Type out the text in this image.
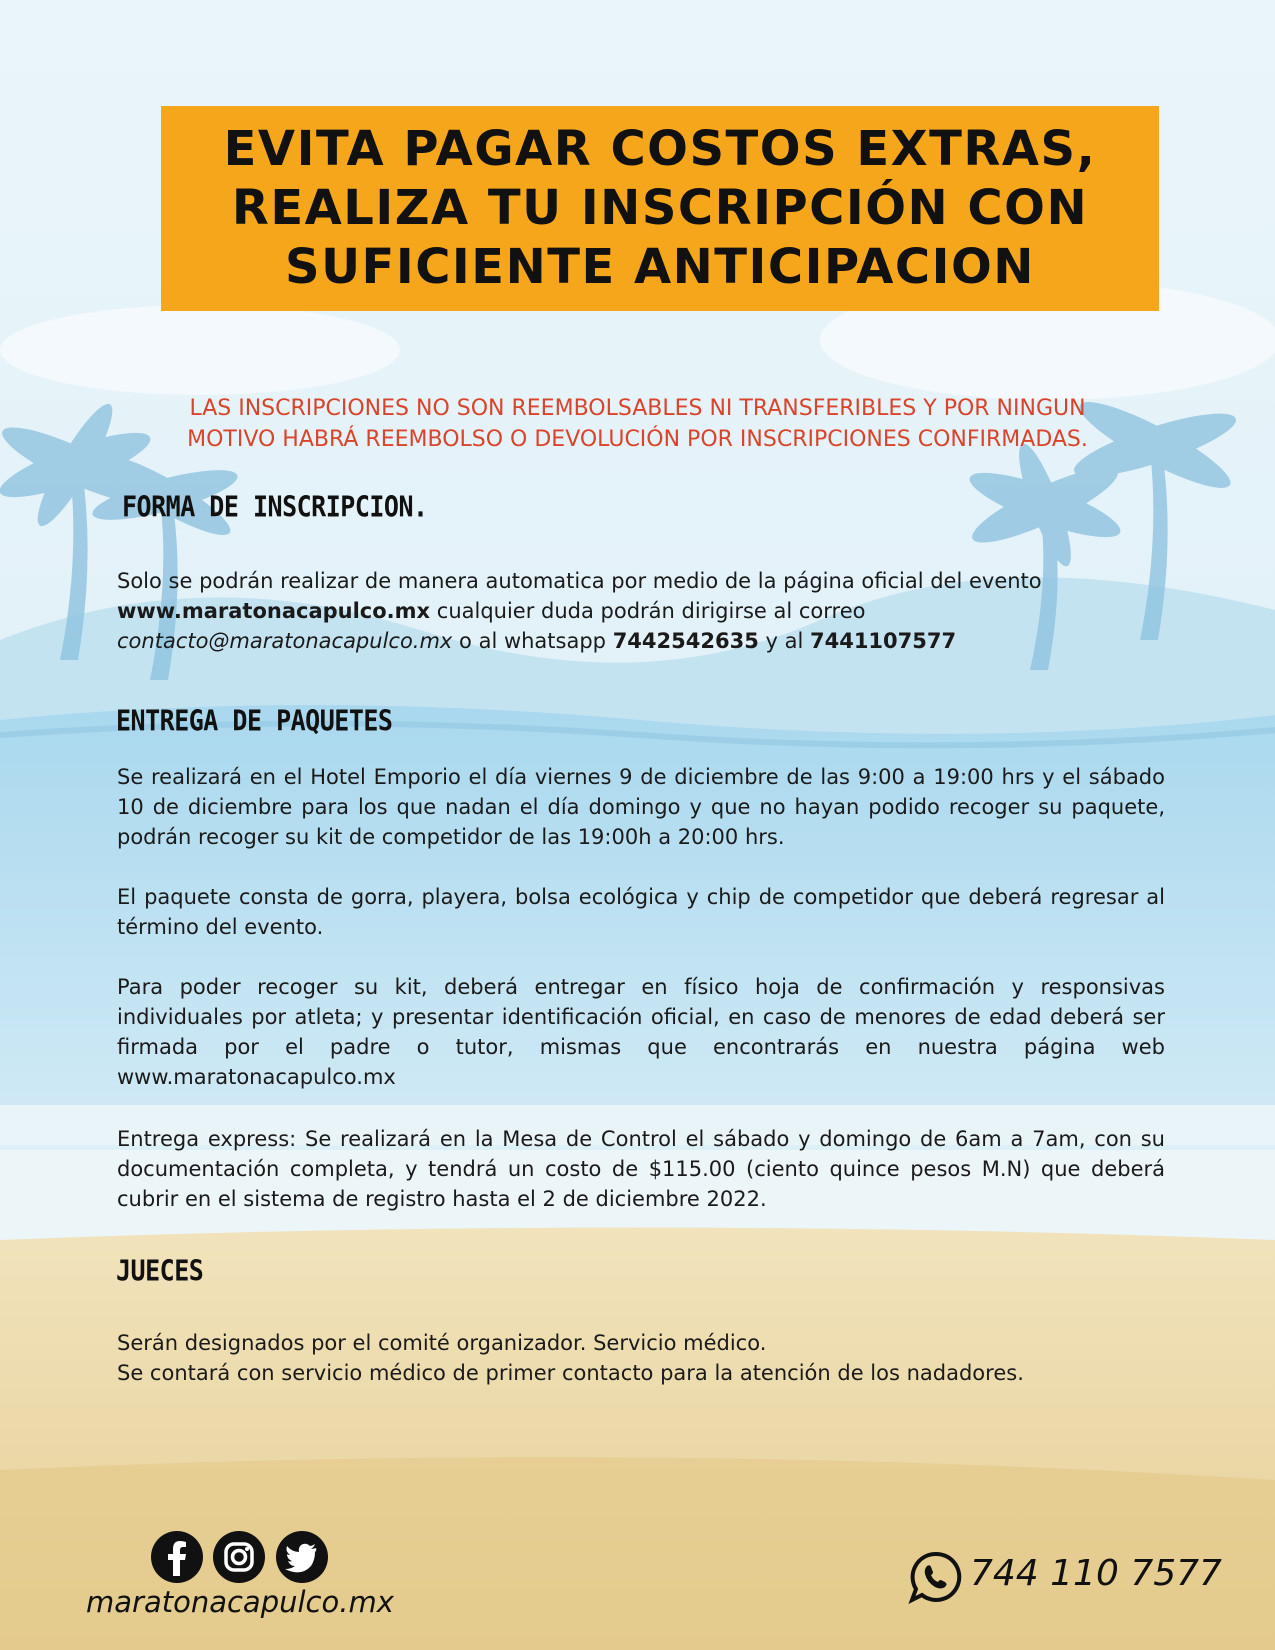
EVITA PAGAR COSTOS EXTRAS,
REALIZA TU INSCRIPCIÓN CON
SUFICIENTE ANTICIPACION
LAS INSCRIPCIONES NO SON REEMBOLSABLES NI TRANSFERIBLES Y POR NINGUN
MOTIVO HABRÁ REEMBOLSO O DEVOLUCIÓN POR INSCRIPCIONES CONFIRMADAS.
FORMA DE INSCRIPCION.
Solo se podrán realizar de manera automatica por medio de la página oficial del evento
www.maratonacapulco.mx cualquier duda podrán dirigirse al correo
contacto@maratonacapulco.mx o al whatsapp 7442542635 y al 7441107577
ENTREGA DE PAQUETES
Se realizará en el Hotel Emporio el día viernes 9 de diciembre de las 9:00 a 19:00 hrs y el sábado 10 de diciembre para los que nadan el día domingo y que no hayan podido recoger su paquete, podrán recoger su kit de competidor de las 19:00h a 20:00 hrs.
El paquete consta de gorra, playera, bolsa ecológica y chip de competidor que deberá regresar al término del evento.
Para poder recoger su kit, deberá entregar en físico hoja de confirmación y responsivas individuales por atleta; y presentar identificación oficial, en caso de menores de edad deberá ser firmada por el padre o tutor, mismas que encontrarás en nuestra página web www.maratonacapulco.mx
Entrega express: Se realizará en la Mesa de Control el sábado y domingo de 6am a 7am, con su documentación completa, y tendrá un costo de $115.00 (ciento quince pesos M.N) que deberá cubrir en el sistema de registro hasta el 2 de diciembre 2022.
JUECES
Serán designados por el comité organizador. Servicio médico.
Se contará con servicio médico de primer contacto para la atención de los nadadores.
maratonacapulco.mx
744 110 7577
